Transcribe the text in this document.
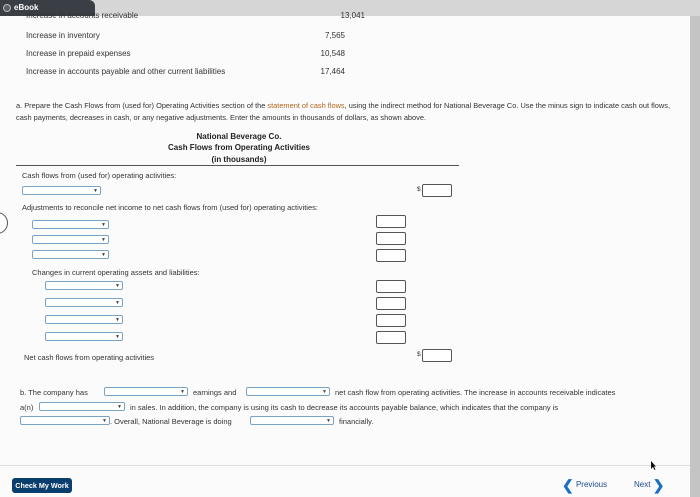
eBook
Increase in accounts receivable	13,041
Increase in inventory	7,565
Increase in prepaid expenses	10,548
Increase in accounts payable and other current liabilities	17,464
a. Prepare the Cash Flows from (used for) Operating Activities section of the statement of cash flows, using the indirect method for National Beverage Co. Use the minus sign to indicate cash out flows, cash payments, decreases in cash, or any negative adjustments. Enter the amounts in thousands of dollars, as shown above.
National Beverage Co.
Cash Flows from Operating Activities
(in thousands)
Cash flows from (used for) operating activities:
▼	$
Adjustments to reconcile net income to net cash flows from (used for) operating activities:
▼
▼
▼
Changes in current operating assets and liabilities:
▼
▼
▼
▼
Net cash flows from operating activities	$
b. The company has	▼ earnings and	▼ net cash flow from operating activities. The increase in accounts receivable indicates
a(n)	▼ in sales. In addition, the company is using its cash to decrease its accounts payable balance, which indicates that the company is
▼ . Overall, National Beverage is doing	▼ financially.
Check My Work	❮ Previous	Next ❯
